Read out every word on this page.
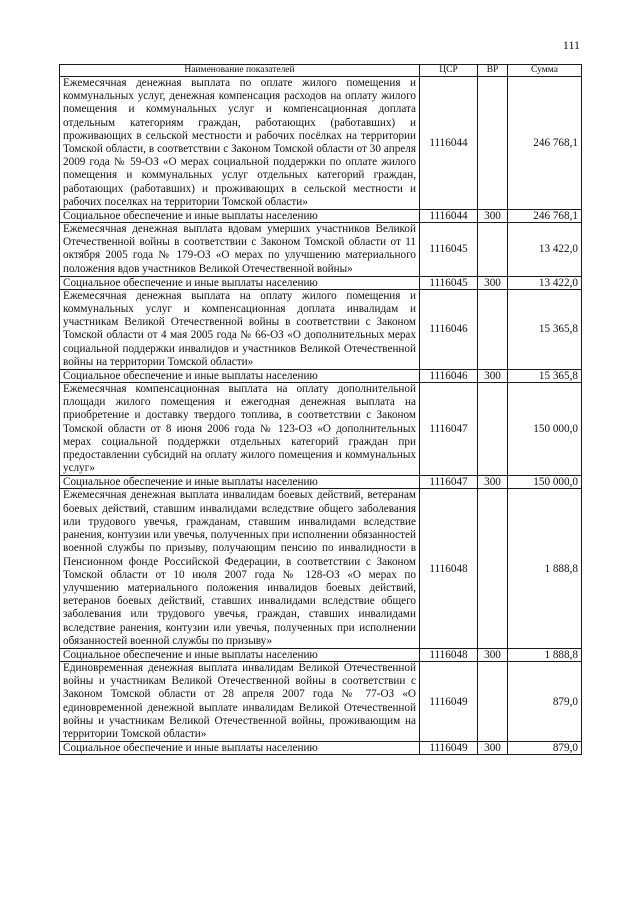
111
Наименование показателей	ЦСР	ВР	Сумма
Ежемесячная денежная выплата по оплате жилого помещения и коммунальных услуг, денежная компенсация расходов на оплату жилого помещения и коммунальных услуг и компенсационная доплата отдельным категориям граждан, работающих (работавших) и проживающих в сельской местности и рабочих посёлках на территории Томской области, в соответствии с Законом Томской области от 30 апреля 2009 года № 59-ОЗ «О мерах социальной поддержки по оплате жилого помещения и коммунальных услуг отдельных категорий граждан, работающих (работавших) и проживающих в сельской местности и рабочих поселках на территории Томской области»	1116044		246 768,1
Социальное обеспечение и иные выплаты населению	1116044	300	246 768,1
Ежемесячная денежная выплата вдовам умерших участников Великой Отечественной войны в соответствии с Законом Томской области от 11 октября 2005 года № 179-ОЗ «О мерах по улучшению материального положения вдов участников Великой Отечественной войны»	1116045		13 422,0
Социальное обеспечение и иные выплаты населению	1116045	300	13 422,0
Ежемесячная денежная выплата на оплату жилого помещения и коммунальных услуг и компенсационная доплата инвалидам и участникам Великой Отечественной войны в соответствии с Законом Томской области от 4 мая 2005 года № 66-ОЗ «О дополнительных мерах социальной поддержки инвалидов и участников Великой Отечественной войны на территории Томской области»	1116046		15 365,8
Социальное обеспечение и иные выплаты населению	1116046	300	15 365,8
Ежемесячная компенсационная выплата на оплату дополнительной площади жилого помещения и ежегодная денежная выплата на приобретение и доставку твердого топлива, в соответствии с Законом Томской области от 8 июня 2006 года № 123-ОЗ «О дополнительных мерах социальной поддержки отдельных категорий граждан при предоставлении субсидий на оплату жилого помещения и коммунальных услуг»	1116047		150 000,0
Социальное обеспечение и иные выплаты населению	1116047	300	150 000,0
Ежемесячная денежная выплата инвалидам боевых действий, ветеранам боевых действий, ставшим инвалидами вследствие общего заболевания или трудового увечья, гражданам, ставшим инвалидами вследствие ранения, контузии или увечья, полученных при исполнении обязанностей военной службы по призыву, получающим пенсию по инвалидности в Пенсионном фонде Российской Федерации, в соответствии с Законом Томской области от 10 июля 2007 года № 128-ОЗ «О мерах по улучшению материального положения инвалидов боевых действий, ветеранов боевых действий, ставших инвалидами вследствие общего заболевания или трудового увечья, граждан, ставших инвалидами вследствие ранения, контузии или увечья, полученных при исполнении обязанностей военной службы по призыву»	1116048		1 888,8
Социальное обеспечение и иные выплаты населению	1116048	300	1 888,8
Единовременная денежная выплата инвалидам Великой Отечественной войны и участникам Великой Отечественной войны в соответствии с Законом Томской области от 28 апреля 2007 года № 77-ОЗ «О единовременной денежной выплате инвалидам Великой Отечественной войны и участникам Великой Отечественной войны, проживающим на территории Томской области»	1116049		879,0
Социальное обеспечение и иные выплаты населению	1116049	300	879,0
